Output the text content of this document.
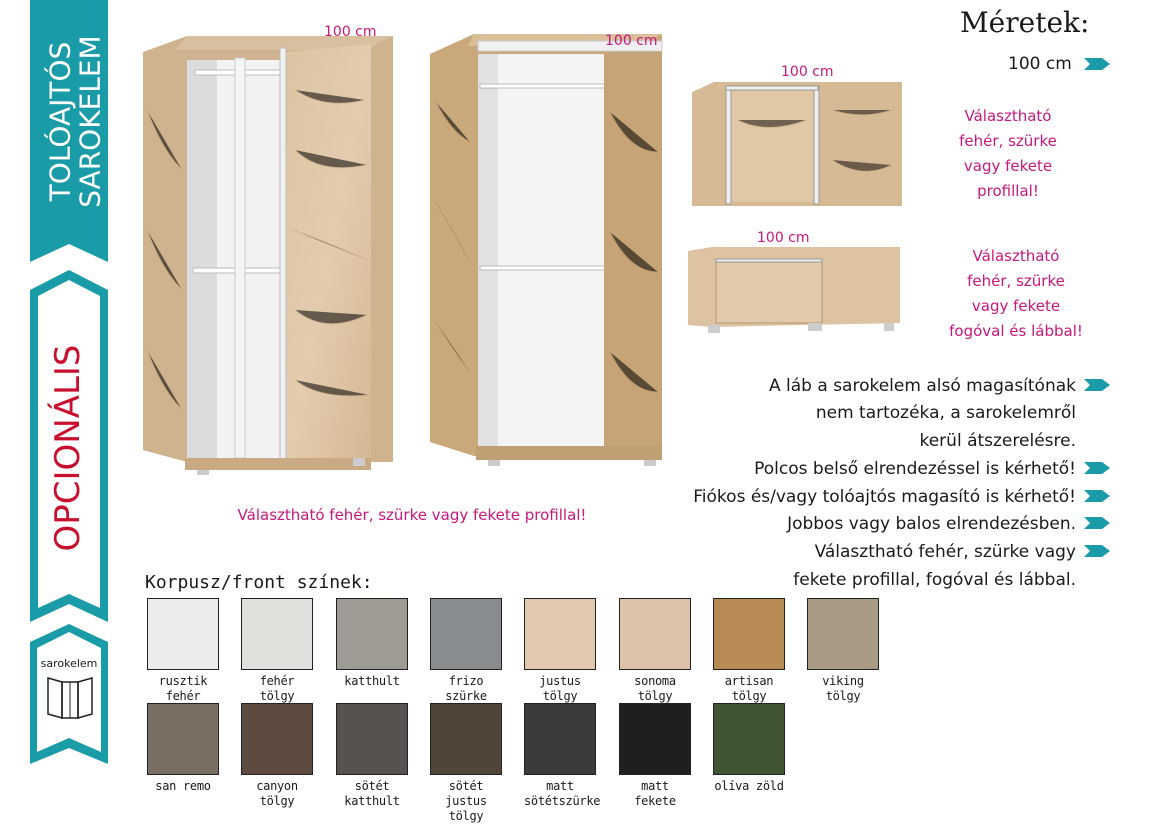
TOLÓAJTÓS
SAROKELEM
OPCIONÁLIS
sarokelem
100 cm
100 cm
Választható fehér, szürke vagy fekete profillal!
100 cm
100 cm
Méretek:
100 cm
Választható
fehér, szürke
vagy fekete
profillal!
Választható
fehér, szürke
vagy fekete
fogóval és lábbal!
A láb a sarokelem alsó magasítónak
nem tartozéka, a sarokelemről
kerül átszerelésre.
Polcos belső elrendezéssel is kérhető!
Fiókos és/vagy tolóajtós magasító is kérhető!
Jobbos vagy balos elrendezésben.
Választható fehér, szürke vagy
fekete profillal, fogóval és lábbal.
Korpusz/front színek:
rusztik fehér
fehér tölgy
katthult	frizo szürke
justus tölgy
sonoma tölgy
artisan tölgy
viking tölgy
san remo	canyon tölgy
sötét katthult
sötét justus tölgy
matt sötétszürke
matt fekete
olíva zöld
